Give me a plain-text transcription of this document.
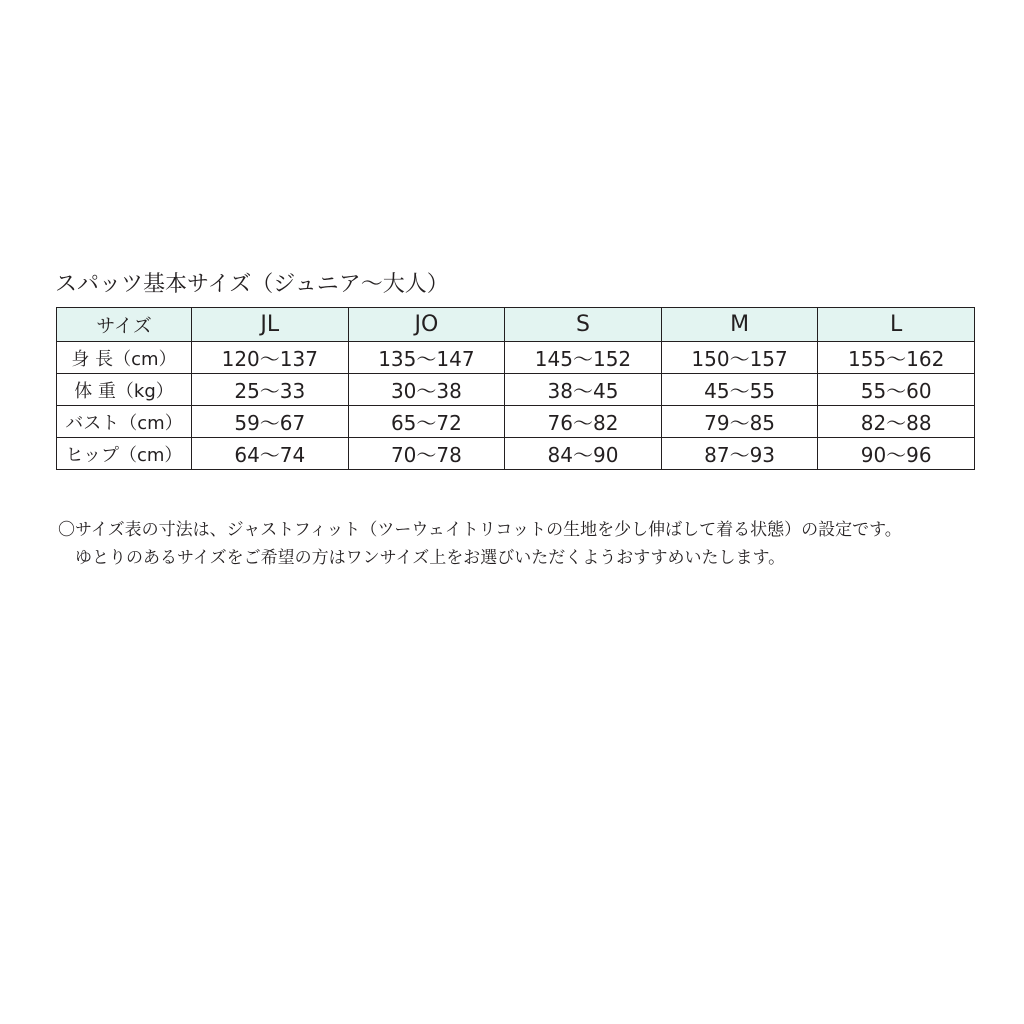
スパッツ基本サイズ（ジュニア〜大人）
サイズ	JL	JO	S	M	L
身 長（cm）	120〜137	135〜147	145〜152	150〜157	155〜162
体 重（kg）	25〜33	30〜38	38〜45	45〜55	55〜60
バスト（cm）	59〜67	65〜72	76〜82	79〜85	82〜88
ヒップ（cm）	64〜74	70〜78	84〜90	87〜93	90〜96
〇サイズ表の寸法は、ジャストフィット（ツーウェイトリコットの生地を少し伸ばして着る状態）の設定です。
ゆとりのあるサイズをご希望の方はワンサイズ上をお選びいただくようおすすめいたします。
